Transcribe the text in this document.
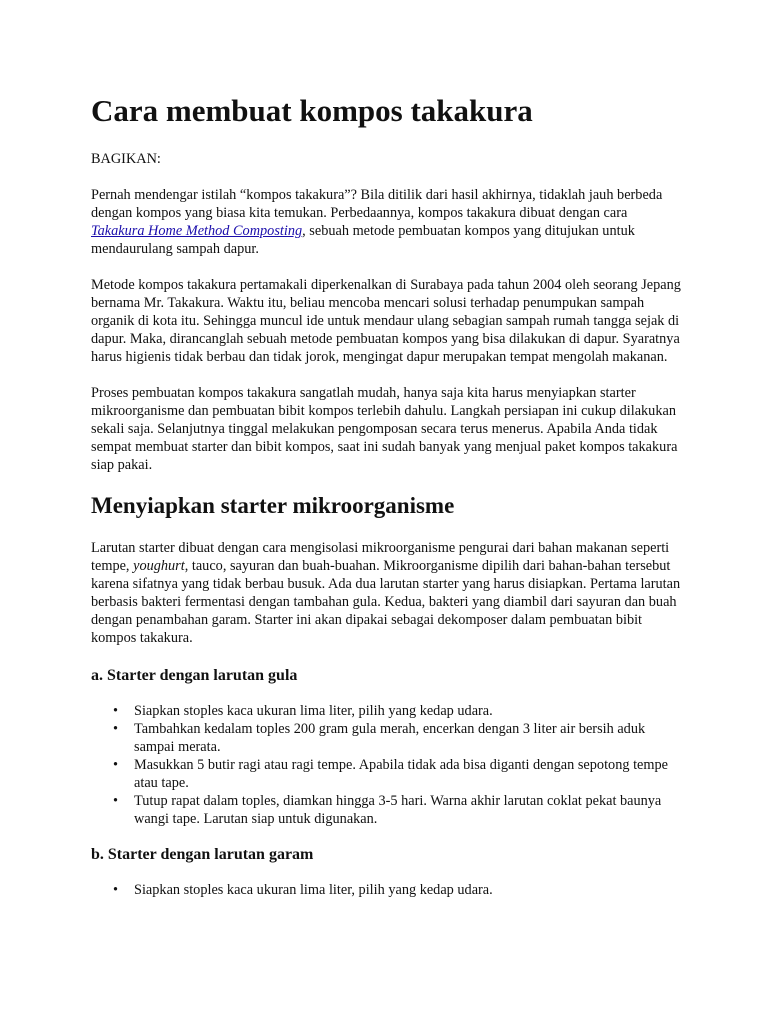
Cara membuat kompos takakura

BAGIKAN:

Pernah mendengar istilah “kompos takakura”? Bila ditilik dari hasil akhirnya, tidaklah jauh berbeda dengan kompos yang biasa kita temukan. Perbedaannya, kompos takakura dibuat dengan cara Takakura Home Method Composting, sebuah metode pembuatan kompos yang ditujukan untuk mendaurulang sampah dapur.

Metode kompos takakura pertamakali diperkenalkan di Surabaya pada tahun 2004 oleh seorang Jepang bernama Mr. Takakura. Waktu itu, beliau mencoba mencari solusi terhadap penumpukan sampah organik di kota itu. Sehingga muncul ide untuk mendaur ulang sebagian sampah rumah tangga sejak di dapur. Maka, dirancanglah sebuah metode pembuatan kompos yang bisa dilakukan di dapur. Syaratnya harus higienis tidak berbau dan tidak jorok, mengingat dapur merupakan tempat mengolah makanan.

Proses pembuatan kompos takakura sangatlah mudah, hanya saja kita harus menyiapkan starter mikroorganisme dan pembuatan bibit kompos terlebih dahulu. Langkah persiapan ini cukup dilakukan sekali saja. Selanjutnya tinggal melakukan pengomposan secara terus menerus. Apabila Anda tidak sempat membuat starter dan bibit kompos, saat ini sudah banyak yang menjual paket kompos takakura siap pakai.

Menyiapkan starter mikroorganisme

Larutan starter dibuat dengan cara mengisolasi mikroorganisme pengurai dari bahan makanan seperti tempe, youghurt, tauco, sayuran dan buah-buahan. Mikroorganisme dipilih dari bahan-bahan tersebut karena sifatnya yang tidak berbau busuk. Ada dua larutan starter yang harus disiapkan. Pertama larutan berbasis bakteri fermentasi dengan tambahan gula. Kedua, bakteri yang diambil dari sayuran dan buah dengan penambahan garam. Starter ini akan dipakai sebagai dekomposer dalam pembuatan bibit kompos takakura.

a. Starter dengan larutan gula
• Siapkan stoples kaca ukuran lima liter, pilih yang kedap udara.
• Tambahkan kedalam toples 200 gram gula merah, encerkan dengan 3 liter air bersih aduk sampai merata.
• Masukkan 5 butir ragi atau ragi tempe. Apabila tidak ada bisa diganti dengan sepotong tempe atau tape.
• Tutup rapat dalam toples, diamkan hingga 3-5 hari. Warna akhir larutan coklat pekat baunya wangi tape. Larutan siap untuk digunakan.
b. Starter dengan larutan garam
• Siapkan stoples kaca ukuran lima liter, pilih yang kedap udara.
